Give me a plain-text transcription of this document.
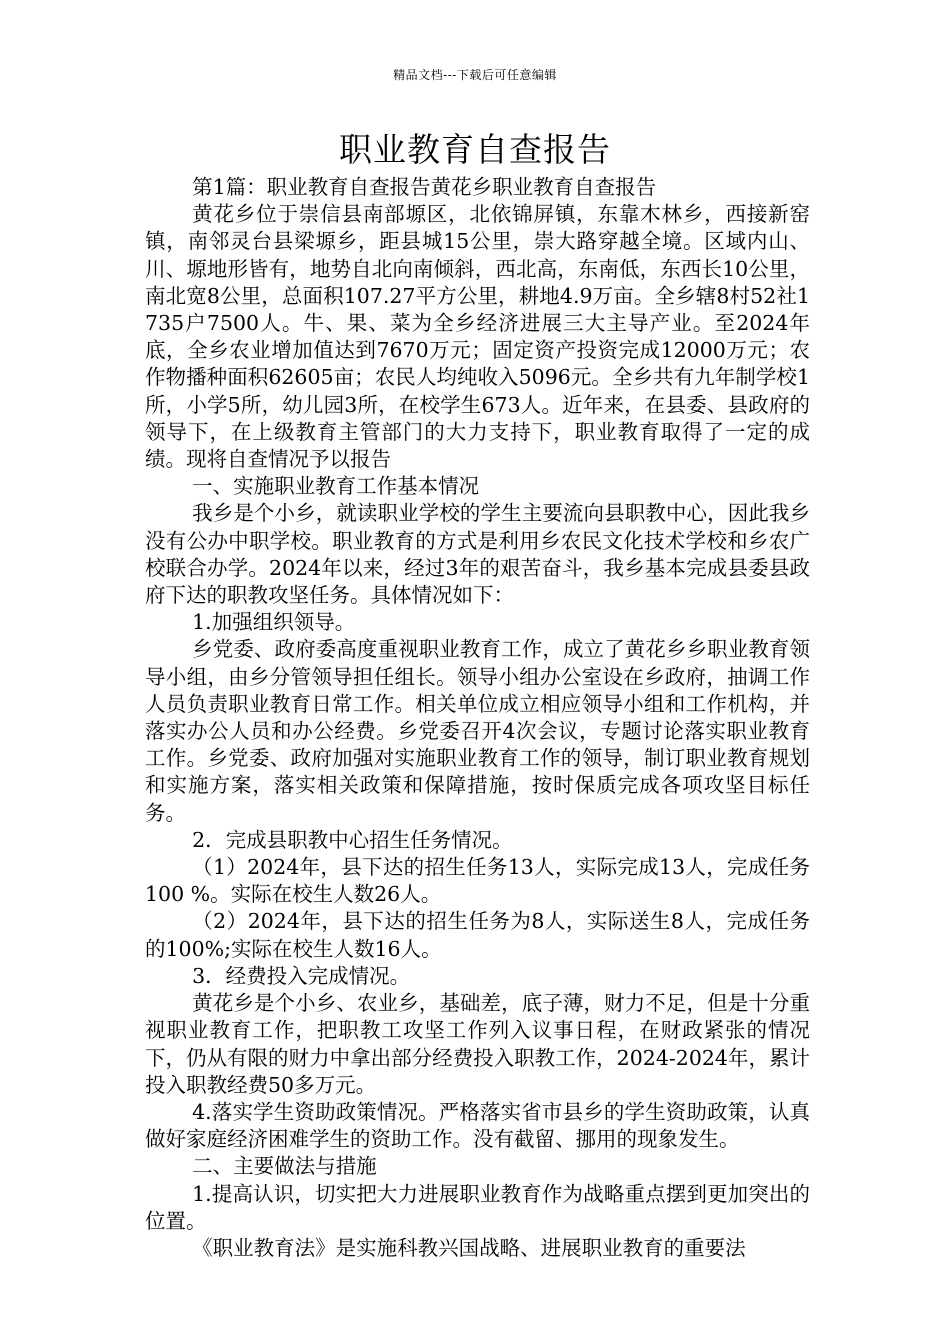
精品文档---下载后可任意编辑
职业教育自查报告

第1篇：职业教育自查报告黄花乡职业教育自查报告

黄花乡位于崇信县南部塬区，北依锦屏镇，东靠木林乡，西接新窑镇，南邻灵台县梁塬乡，距县城15公里，崇大路穿越全境。区域内山、川、塬地形皆有，地势自北向南倾斜，西北高，东南低，东西长10公里，南北宽8公里，总面积107.27平方公里，耕地4.9万亩。全乡辖8村52社1735户7500人。牛、果、菜为全乡经济进展三大主导产业。至2024年底，全乡农业增加值达到7670万元；固定资产投资完成12000万元；农作物播种面积62605亩；农民人均纯收入5096元。全乡共有九年制学校1所，小学5所，幼儿园3所，在校学生673人。近年来，在县委、县政府的领导下，在上级教育主管部门的大力支持下，职业教育取得了一定的成绩。现将自查情况予以报告

一、实施职业教育工作基本情况

我乡是个小乡，就读职业学校的学生主要流向县职教中心，因此我乡没有公办中职学校。职业教育的方式是利用乡农民文化技术学校和乡农广校联合办学。2024年以来，经过3年的艰苦奋斗，我乡基本完成县委县政府下达的职教攻坚任务。具体情况如下：

1.加强组织领导。

乡党委、政府委高度重视职业教育工作，成立了黄花乡乡职业教育领导小组，由乡分管领导担任组长。领导小组办公室设在乡政府，抽调工作人员负责职业教育日常工作。相关单位成立相应领导小组和工作机构，并落实办公人员和办公经费。乡党委召开4次会议，专题讨论落实职业教育工作。乡党委、政府加强对实施职业教育工作的领导，制订职业教育规划和实施方案，落实相关政策和保障措施，按时保质完成各项攻坚目标任务。

2．完成县职教中心招生任务情况。

（1）2024年，县下达的招生任务13人，实际完成13人，完成任务100 %。实际在校生人数26人。

（2）2024年，县下达的招生任务为8人，实际送生8人，完成任务的100%;实际在校生人数16人。

3．经费投入完成情况。

黄花乡是个小乡、农业乡，基础差，底子薄，财力不足，但是十分重视职业教育工作，把职教工攻坚工作列入议事日程，在财政紧张的情况下，仍从有限的财力中拿出部分经费投入职教工作，2024-2024年，累计投入职教经费50多万元。

4.落实学生资助政策情况。严格落实省市县乡的学生资助政策，认真做好家庭经济困难学生的资助工作。没有截留、挪用的现象发生。

二、主要做法与措施

1.提高认识，切实把大力进展职业教育作为战略重点摆到更加突出的位置。

《职业教育法》是实施科教兴国战略、进展职业教育的重要法
